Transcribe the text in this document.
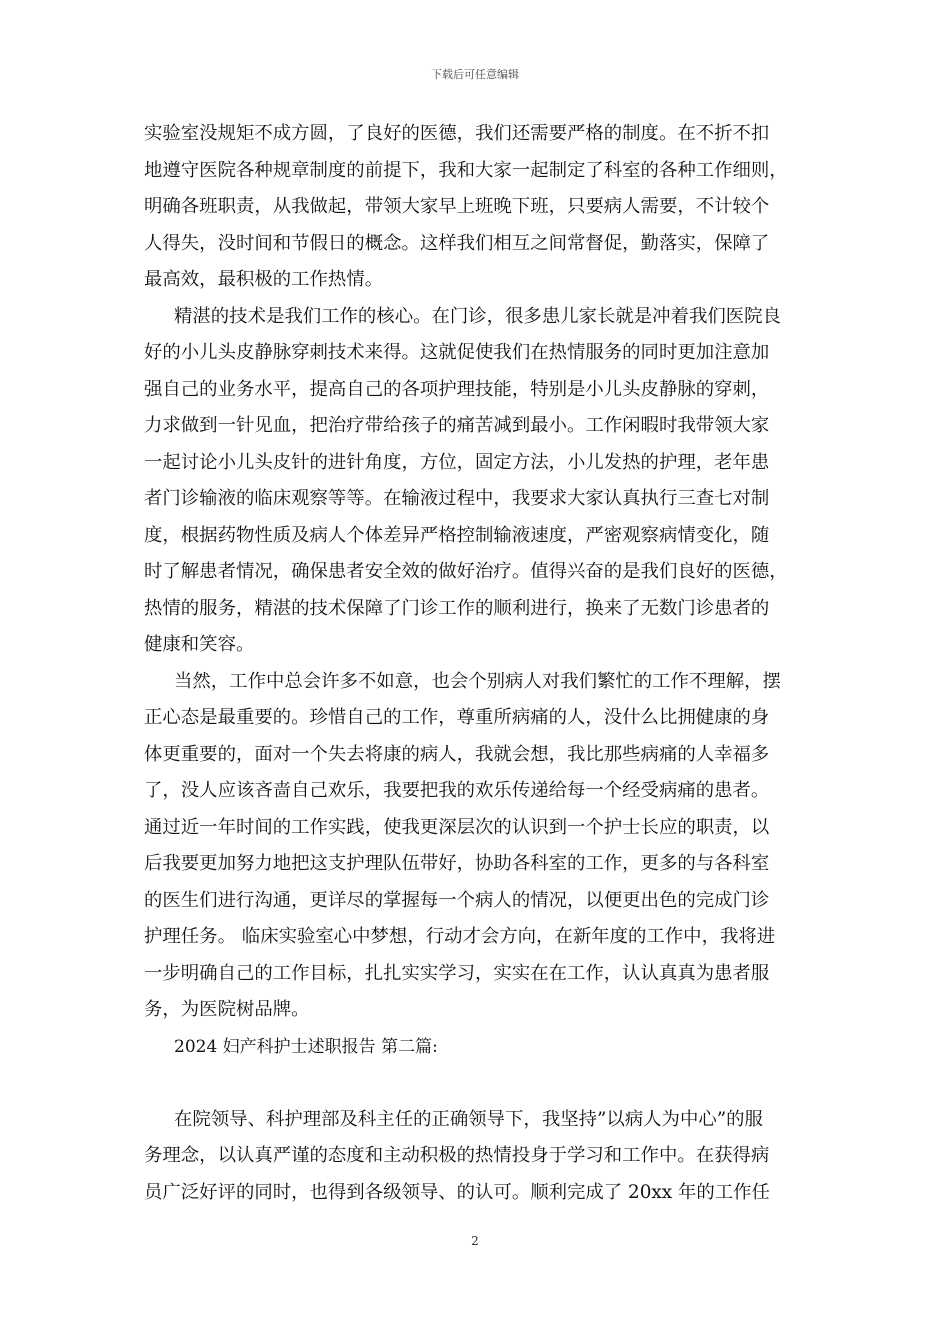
下载后可任意编辑
实验室没规矩不成方圆，了良好的医德，我们还需要严格的制度。在不折不扣
地遵守医院各种规章制度的前提下，我和大家一起制定了科室的各种工作细则，
明确各班职责，从我做起，带领大家早上班晚下班，只要病人需要，不计较个
人得失，没时间和节假日的概念。这样我们相互之间常督促，勤落实，保障了
最高效，最积极的工作热情。
精湛的技术是我们工作的核心。在门诊，很多患儿家长就是冲着我们医院良
好的小儿头皮静脉穿刺技术来得。这就促使我们在热情服务的同时更加注意加
强自己的业务水平，提高自己的各项护理技能，特别是小儿头皮静脉的穿刺，
力求做到一针见血，把治疗带给孩子的痛苦减到最小。工作闲暇时我带领大家
一起讨论小儿头皮针的进针角度，方位，固定方法，小儿发热的护理，老年患
者门诊输液的临床观察等等。在输液过程中，我要求大家认真执行三查七对制
度，根据药物性质及病人个体差异严格控制输液速度，严密观察病情变化，随
时了解患者情况，确保患者安全效的做好治疗。值得兴奋的是我们良好的医德，
热情的服务，精湛的技术保障了门诊工作的顺利进行，换来了无数门诊患者的
健康和笑容。
当然，工作中总会许多不如意，也会个别病人对我们繁忙的工作不理解，摆
正心态是最重要的。珍惜自己的工作，尊重所病痛的人，没什么比拥健康的身
体更重要的，面对一个失去将康的病人，我就会想，我比那些病痛的人幸福多
了，没人应该吝啬自己欢乐，我要把我的欢乐传递给每一个经受病痛的患者。
通过近一年时间的工作实践，使我更深层次的认识到一个护士长应的职责，以
后我要更加努力地把这支护理队伍带好，协助各科室的工作，更多的与各科室
的医生们进行沟通，更详尽的掌握每一个病人的情况，以便更出色的完成门诊
护理任务。 临床实验室心中梦想，行动才会方向，在新年度的工作中，我将进
一步明确自己的工作目标，扎扎实实学习，实实在在工作，认认真真为患者服
务，为医院树品牌。
2024 妇产科护士述职报告 第二篇:
在院领导、科护理部及科主任的正确领导下，我坚持”以病人为中心”的服
务理念，以认真严谨的态度和主动积极的热情投身于学习和工作中。在获得病
员广泛好评的同时，也得到各级领导、的认可。顺利完成了 20xx 年的工作任
2
